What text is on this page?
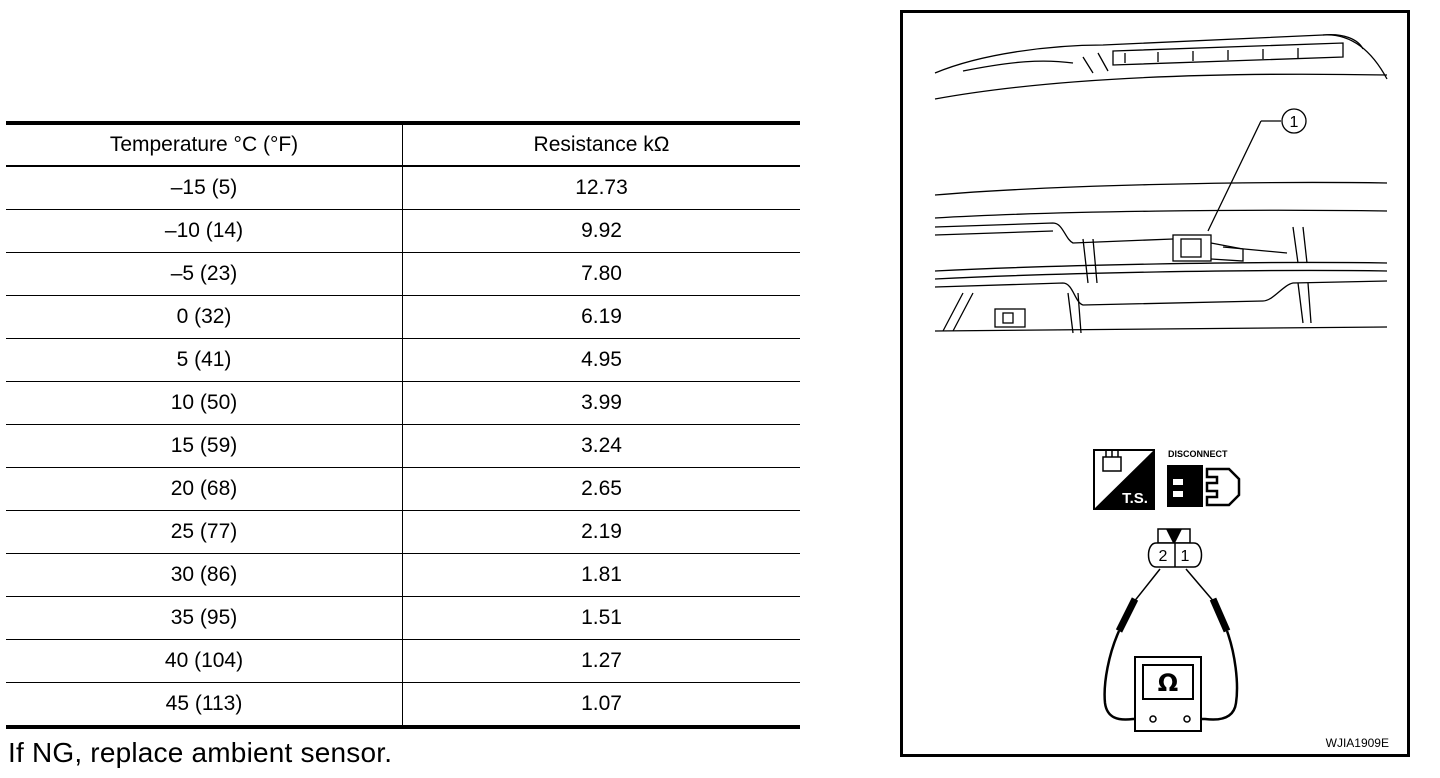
Temperature °C (°F)	Resistance kΩ
–15 (5)	12.73
–10 (14)	9.92
–5 (23)	7.80
0 (32)	6.19
5 (41)	4.95
10 (50)	3.99
15 (59)	3.24
20 (68)	2.65
25 (77)	2.19
30 (86)	1.81
35 (95)	1.51
40 (104)	1.27
45 (113)	1.07
If NG, replace ambient sensor.
1
T.S.
DISCONNECT
2 1
Ω
WJIA1909E
